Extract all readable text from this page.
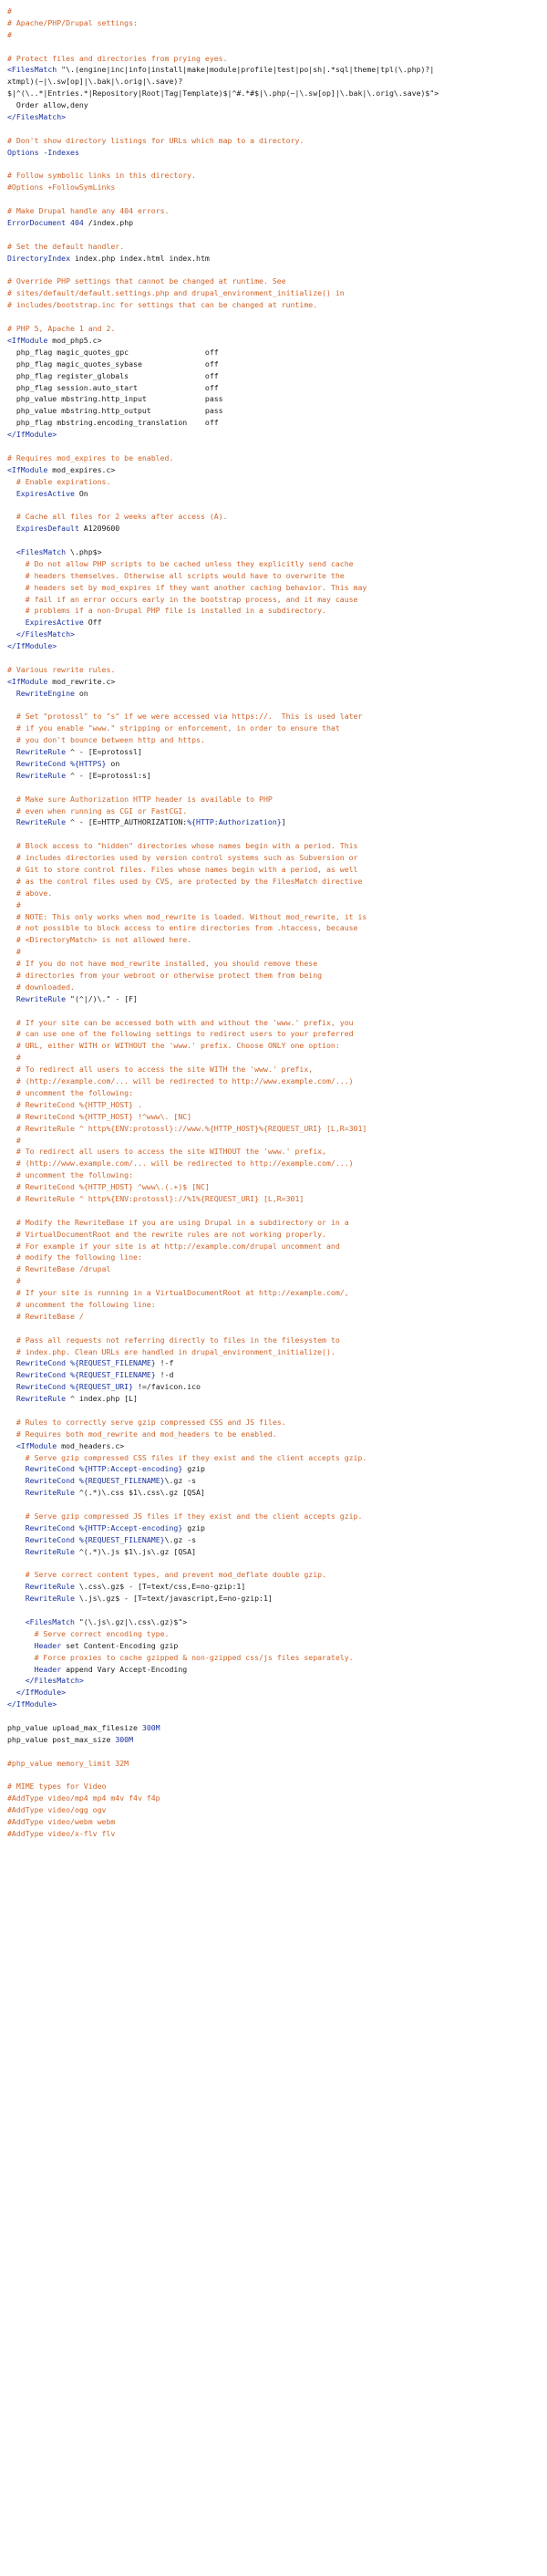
#
# Apache/PHP/Drupal settings:
#
# Protect files and directories from prying eyes.
<FilesMatch "\.(engine|inc|info|install|make|module|profile|test|po|sh|.*sql|theme|tpl(\.php)?|
xtmpl)(~|\.sw[op]|\.bak|\.orig|\.save)?
$|^(\..*|Entries.*|Repository|Root|Tag|Template)$|^#.*#$|\.php(~|\.sw[op]|\.bak|\.orig\.save)$">
Order allow,deny
</FilesMatch>
# Don't show directory listings for URLs which map to a directory.
Options -Indexes
# Follow symbolic links in this directory.
#Options +FollowSymLinks
# Make Drupal handle any 404 errors.
ErrorDocument 404 /index.php
# Set the default handler.
DirectoryIndex index.php index.html index.htm
# Override PHP settings that cannot be changed at runtime. See
# sites/default/default.settings.php and drupal_environment_initialize() in
# includes/bootstrap.inc for settings that can be changed at runtime.
# PHP 5, Apache 1 and 2.
<IfModule mod_php5.c>
php_flag magic_quotes_gpc                 off
php_flag magic_quotes_sybase              off
php_flag register_globals                 off
php_flag session.auto_start               off
php_value mbstring.http_input             pass
php_value mbstring.http_output            pass
php_flag mbstring.encoding_translation    off
</IfModule>
# Requires mod_expires to be enabled.
<IfModule mod_expires.c>
# Enable expirations.
ExpiresActive On
# Cache all files for 2 weeks after access (A).
ExpiresDefault A1209600
<FilesMatch \.php$>
# Do not allow PHP scripts to be cached unless they explicitly send cache
# headers themselves. Otherwise all scripts would have to overwrite the
# headers set by mod_expires if they want another caching behavior. This may
# fail if an error occurs early in the bootstrap process, and it may cause
# problems if a non-Drupal PHP file is installed in a subdirectory.
ExpiresActive Off
</FilesMatch>
</IfModule>
# Various rewrite rules.
<IfModule mod_rewrite.c>
RewriteEngine on
# Set "protossl" to "s" if we were accessed via https://.  This is used later
# if you enable "www." stripping or enforcement, in order to ensure that
# you don't bounce between http and https.
RewriteRule ^ - [E=protossl]
RewriteCond %{HTTPS} on
RewriteRule ^ - [E=protossl:s]
# Make sure Authorization HTTP header is available to PHP
# even when running as CGI or FastCGI.
RewriteRule ^ - [E=HTTP_AUTHORIZATION:%{HTTP:Authorization}]
# Block access to "hidden" directories whose names begin with a period. This
# includes directories used by version control systems such as Subversion or
# Git to store control files. Files whose names begin with a period, as well
# as the control files used by CVS, are protected by the FilesMatch directive
# above.
#
# NOTE: This only works when mod_rewrite is loaded. Without mod_rewrite, it is
# not possible to block access to entire directories from .htaccess, because
# <DirectoryMatch> is not allowed here.
#
# If you do not have mod_rewrite installed, you should remove these
# directories from your webroot or otherwise protect them from being
# downloaded.
RewriteRule "(^|/)\." - [F]
# If your site can be accessed both with and without the 'www.' prefix, you
# can use one of the following settings to redirect users to your preferred
# URL, either WITH or WITHOUT the 'www.' prefix. Choose ONLY one option:
#
# To redirect all users to access the site WITH the 'www.' prefix,
# (http://example.com/... will be redirected to http://www.example.com/...)
# uncomment the following:
# RewriteCond %{HTTP_HOST} .
# RewriteCond %{HTTP_HOST} !^www\. [NC]
# RewriteRule ^ http%{ENV:protossl}://www.%{HTTP_HOST}%{REQUEST_URI} [L,R=301]
#
# To redirect all users to access the site WITHOUT the 'www.' prefix,
# (http://www.example.com/... will be redirected to http://example.com/...)
# uncomment the following:
# RewriteCond %{HTTP_HOST} ^www\.(.+)$ [NC]
# RewriteRule ^ http%{ENV:protossl}://%1%{REQUEST_URI} [L,R=301]
# Modify the RewriteBase if you are using Drupal in a subdirectory or in a
# VirtualDocumentRoot and the rewrite rules are not working properly.
# For example if your site is at http://example.com/drupal uncomment and
# modify the following line:
# RewriteBase /drupal
#
# If your site is running in a VirtualDocumentRoot at http://example.com/,
# uncomment the following line:
# RewriteBase /
# Pass all requests not referring directly to files in the filesystem to
# index.php. Clean URLs are handled in drupal_environment_initialize().
RewriteCond %{REQUEST_FILENAME} !-f
RewriteCond %{REQUEST_FILENAME} !-d
RewriteCond %{REQUEST_URI} !=/favicon.ico
RewriteRule ^ index.php [L]
# Rules to correctly serve gzip compressed CSS and JS files.
# Requires both mod_rewrite and mod_headers to be enabled.
<IfModule mod_headers.c>
# Serve gzip compressed CSS files if they exist and the client accepts gzip.
RewriteCond %{HTTP:Accept-encoding} gzip
RewriteCond %{REQUEST_FILENAME}\.gz -s
RewriteRule ^(.*)\.css $1\.css\.gz [QSA]
# Serve gzip compressed JS files if they exist and the client accepts gzip.
RewriteCond %{HTTP:Accept-encoding} gzip
RewriteCond %{REQUEST_FILENAME}\.gz -s
RewriteRule ^(.*)\.js $1\.js\.gz [QSA]
# Serve correct content types, and prevent mod_deflate double gzip.
RewriteRule \.css\.gz$ - [T=text/css,E=no-gzip:1]
RewriteRule \.js\.gz$ - [T=text/javascript,E=no-gzip:1]
<FilesMatch "(\.js\.gz|\.css\.gz)$">
# Serve correct encoding type.
Header set Content-Encoding gzip
# Force proxies to cache gzipped & non-gzipped css/js files separately.
Header append Vary Accept-Encoding
</FilesMatch>
</IfModule>
</IfModule>
php_value upload_max_filesize 300M
php_value post_max_size 300M
#php_value memory_limit 32M
# MIME types for Video
#AddType video/mp4 mp4 m4v f4v f4p
#AddType video/ogg ogv
#AddType video/webm webm
#AddType video/x-flv flv
